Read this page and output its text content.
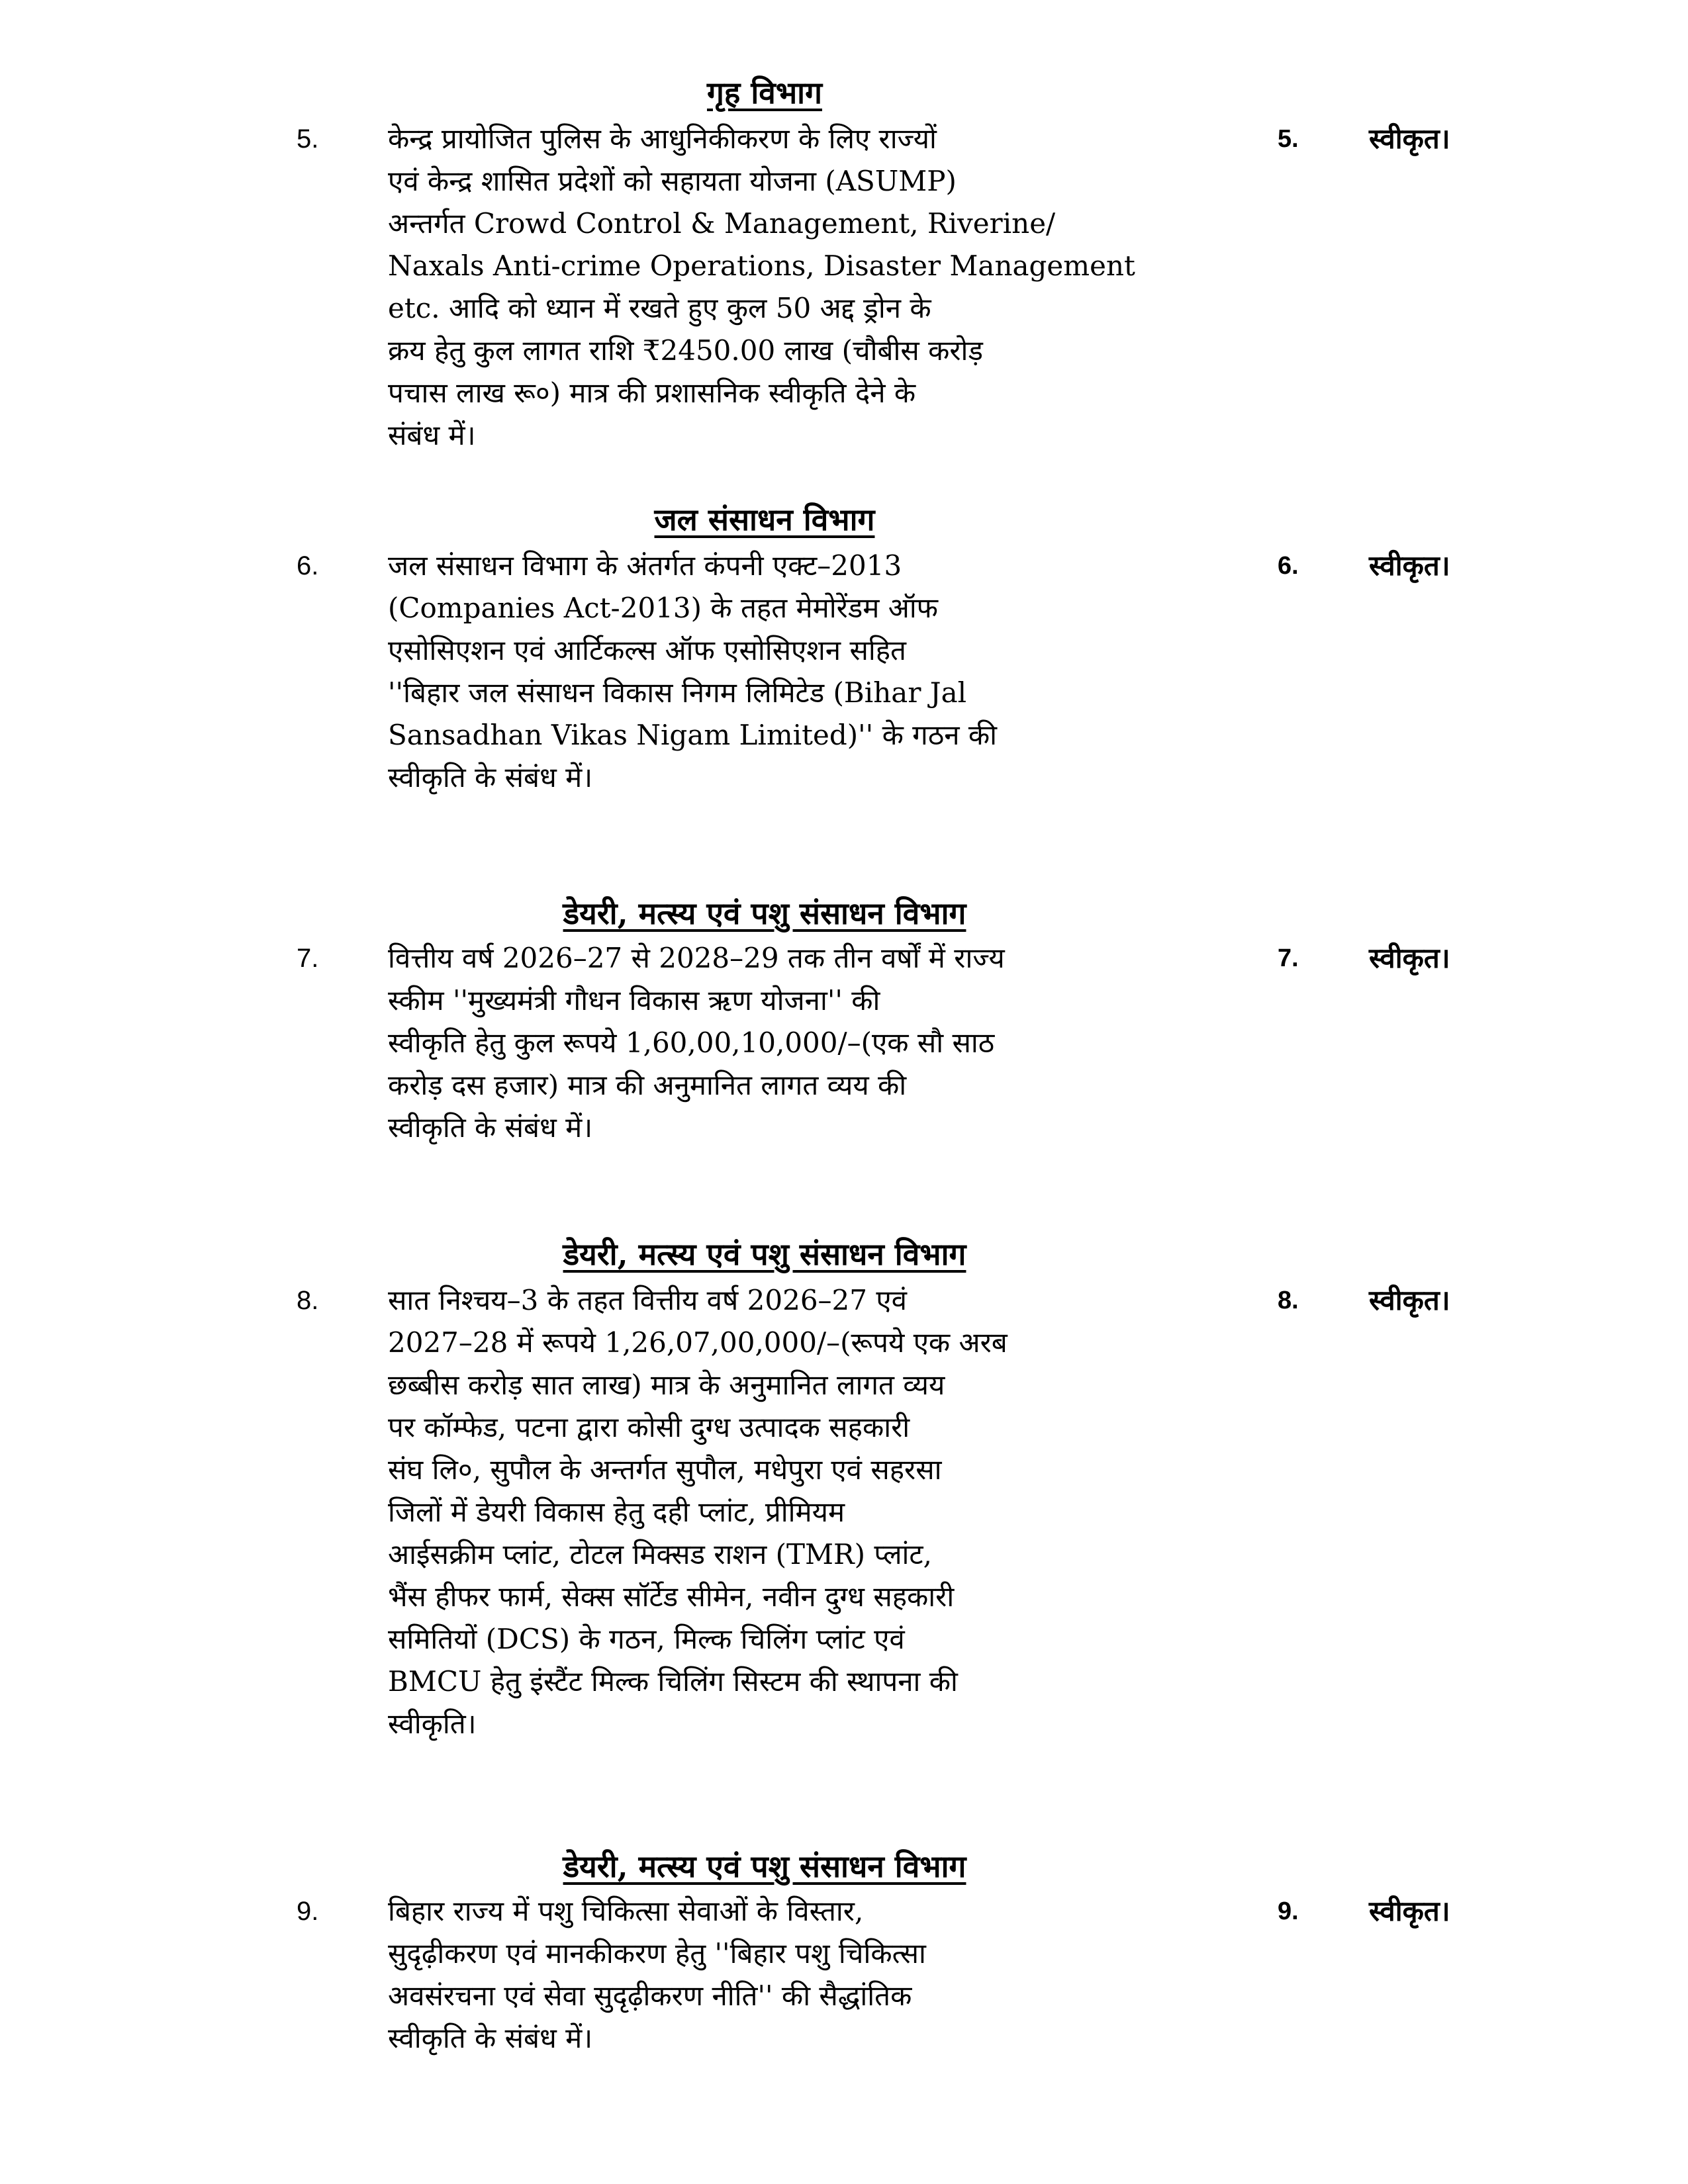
गृह विभाग
5. केन्द्र प्रायोजित पुलिस के आधुनिकीकरण के लिए राज्यों
एवं केन्द्र शासित प्रदेशों को सहायता योजना (ASUMP)
अन्तर्गत Crowd Control & Management, Riverine/
Naxals Anti-crime Operations, Disaster Management
etc. आदि को ध्यान में रखते हुए कुल 50 अद्द ड्रोन के
क्रय हेतु कुल लागत राशि ₹2450.00 लाख (चौबीस करोड़
पचास लाख रू०) मात्र की प्रशासनिक स्वीकृति देने के
संबंध में।
5.	स्वीकृत।
जल संसाधन विभाग
6. जल संसाधन विभाग के अंतर्गत कंपनी एक्ट–2013
(Companies Act-2013) के तहत मेमोरेंडम ऑफ
एसोसिएशन एवं आर्टिकल्स ऑफ एसोसिएशन सहित
''बिहार जल संसाधन विकास निगम लिमिटेड (Bihar Jal
Sansadhan Vikas Nigam Limited)'' के गठन की
स्वीकृति के संबंध में।
6.	स्वीकृत।
डेयरी, मत्स्य एवं पशु संसाधन विभाग
7. वित्तीय वर्ष 2026–27 से 2028–29 तक तीन वर्षों में राज्य
स्कीम ''मुख्यमंत्री गौधन विकास ऋण योजना'' की
स्वीकृति हेतु कुल रूपये 1,60,00,10,000/–(एक सौ साठ
करोड़ दस हजार) मात्र की अनुमानित लागत व्यय की
स्वीकृति के संबंध में।
7.	स्वीकृत।
डेयरी, मत्स्य एवं पशु संसाधन विभाग
8. सात निश्चय–3 के तहत वित्तीय वर्ष 2026–27 एवं
2027–28 में रूपये 1,26,07,00,000/–(रूपये एक अरब
छब्बीस करोड़ सात लाख) मात्र के अनुमानित लागत व्यय
पर कॉम्फेड, पटना द्वारा कोसी दुग्ध उत्पादक सहकारी
संघ लि०, सुपौल के अन्तर्गत सुपौल, मधेपुरा एवं सहरसा
जिलों में डेयरी विकास हेतु दही प्लांट, प्रीमियम
आईसक्रीम प्लांट, टोटल मिक्सड राशन (TMR) प्लांट,
भैंस हीफर फार्म, सेक्स सॉर्टेड सीमेन, नवीन दुग्ध सहकारी
समितियों (DCS) के गठन, मिल्क चिलिंग प्लांट एवं
BMCU हेतु इंस्टैंट मिल्क चिलिंग सिस्टम की स्थापना की
स्वीकृति।
8.	स्वीकृत।
डेयरी, मत्स्य एवं पशु संसाधन विभाग
9. बिहार राज्य में पशु चिकित्सा सेवाओं के विस्तार,
सुदृढ़ीकरण एवं मानकीकरण हेतु ''बिहार पशु चिकित्सा
अवसंरचना एवं सेवा सुदृढ़ीकरण नीति'' की सैद्धांतिक
स्वीकृति के संबंध में।
9.	स्वीकृत।
